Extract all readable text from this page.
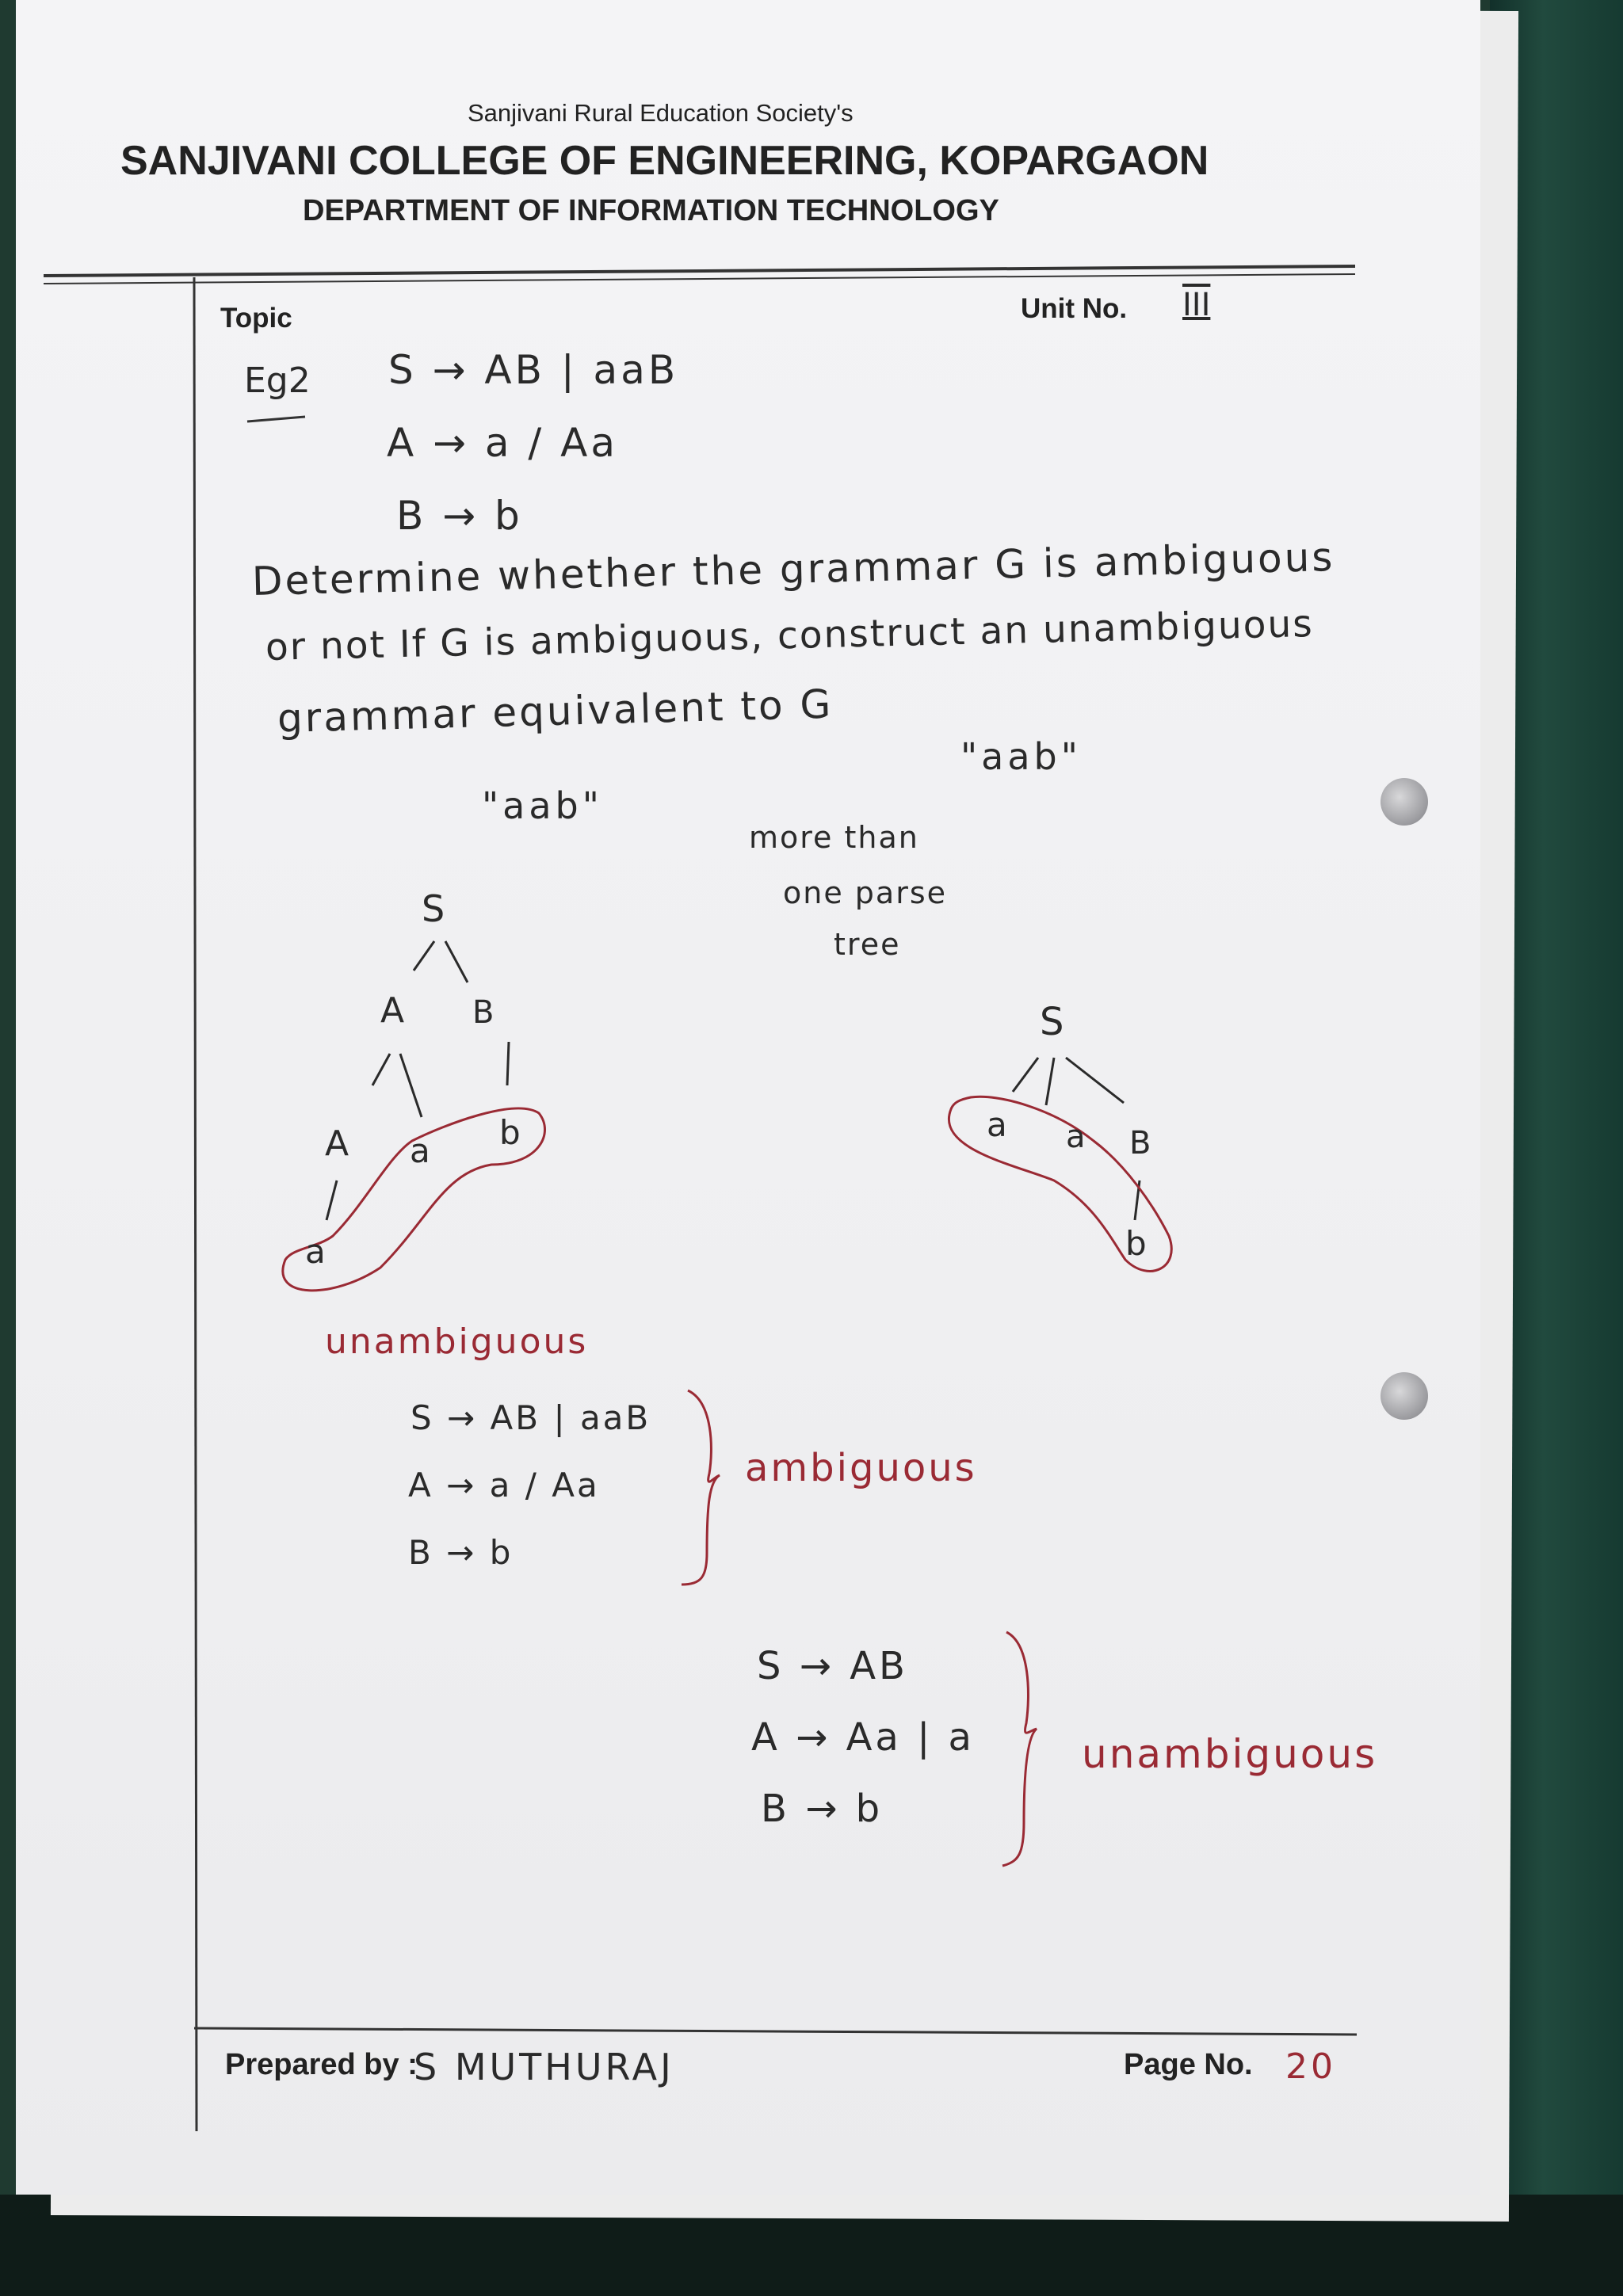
Sanjivani Rural Education Society's

SANJIVANI COLLEGE OF ENGINEERING, KOPARGAON

DEPARTMENT OF INFORMATION TECHNOLOGY

Topic	Unit No. III

Eg2 S → AB | aaB

A → a / Aa

B → b

Determine whether the grammar G is ambiguous

or not If G is ambiguous, construct an unambiguous

grammar equivalent to G

"aab"

"aab"

more than

one parse

tree

S

A B

A a b

a

S

a a B

b

unambiguous

S → AB | aaB

A → a / Aa

B → b

ambiguous

S → AB

A → Aa | a

B → b

unambiguous

Prepared by :

S MUTHURAJ	Page No. 20
